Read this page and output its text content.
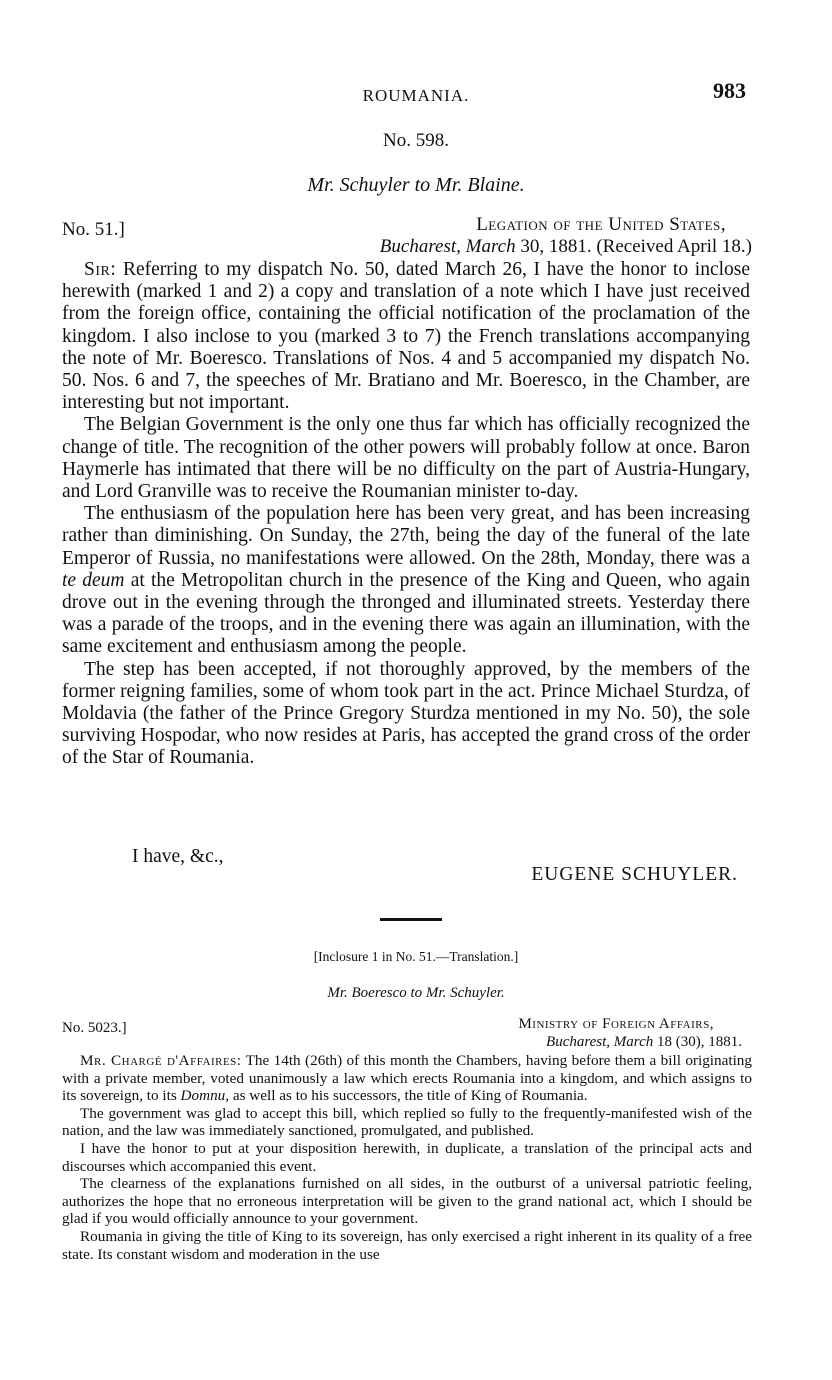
ROUMANIA.	983
No. 598.
Mr. Schuyler to Mr. Blaine.
No. 51.]	Legation of the United States,
Bucharest, March 30, 1881. (Received April 18.)

Sir: Referring to my dispatch No. 50, dated March 26, I have the honor to inclose herewith (marked 1 and 2) a copy and translation of a note which I have just received from the foreign office, containing the official notification of the proclamation of the kingdom. I also inclose to you (marked 3 to 7) the French translations accompanying the note of Mr. Boeresco. Translations of Nos. 4 and 5 accompanied my dispatch No. 50. Nos. 6 and 7, the speeches of Mr. Bratiano and Mr. Boeresco, in the Chamber, are interesting but not important.

The Belgian Government is the only one thus far which has officially recognized the change of title. The recognition of the other powers will probably follow at once. Baron Haymerle has intimated that there will be no difficulty on the part of Austria-Hungary, and Lord Granville was to receive the Roumanian minister to-day.

The enthusiasm of the population here has been very great, and has been increasing rather than diminishing. On Sunday, the 27th, being the day of the funeral of the late Emperor of Russia, no manifestations were allowed. On the 28th, Monday, there was a te deum at the Metropolitan church in the presence of the King and Queen, who again drove out in the evening through the thronged and illuminated streets. Yesterday there was a parade of the troops, and in the evening there was again an illumination, with the same excitement and enthusiasm among the people.

The step has been accepted, if not thoroughly approved, by the members of the former reigning families, some of whom took part in the act. Prince Michael Sturdza, of Moldavia (the father of the Prince Gregory Sturdza mentioned in my No. 50), the sole surviving Hospodar, who now resides at Paris, has accepted the grand cross of the order of the Star of Roumania.

I have, &c.,
EUGENE SCHUYLER.
[Inclosure 1 in No. 51.—Translation.]
Mr. Boeresco to Mr. Schuyler.
No. 5023.]	Ministry of Foreign Affairs,
Bucharest, March 18 (30), 1881.

Mr. Chargé d'Affaires: The 14th (26th) of this month the Chambers, having before them a bill originating with a private member, voted unanimously a law which erects Roumania into a kingdom, and which assigns to its sovereign, to its Domnu, as well as to his successors, the title of King of Roumania.

The government was glad to accept this bill, which replied so fully to the frequently-manifested wish of the nation, and the law was immediately sanctioned, promulgated, and published.

I have the honor to put at your disposition herewith, in duplicate, a translation of the principal acts and discourses which accompanied this event.

The clearness of the explanations furnished on all sides, in the outburst of a universal patriotic feeling, authorizes the hope that no erroneous interpretation will be given to the grand national act, which I should be glad if you would officially announce to your government.

Roumania in giving the title of King to its sovereign, has only exercised a right inherent in its quality of a free state. Its constant wisdom and moderation in the use
